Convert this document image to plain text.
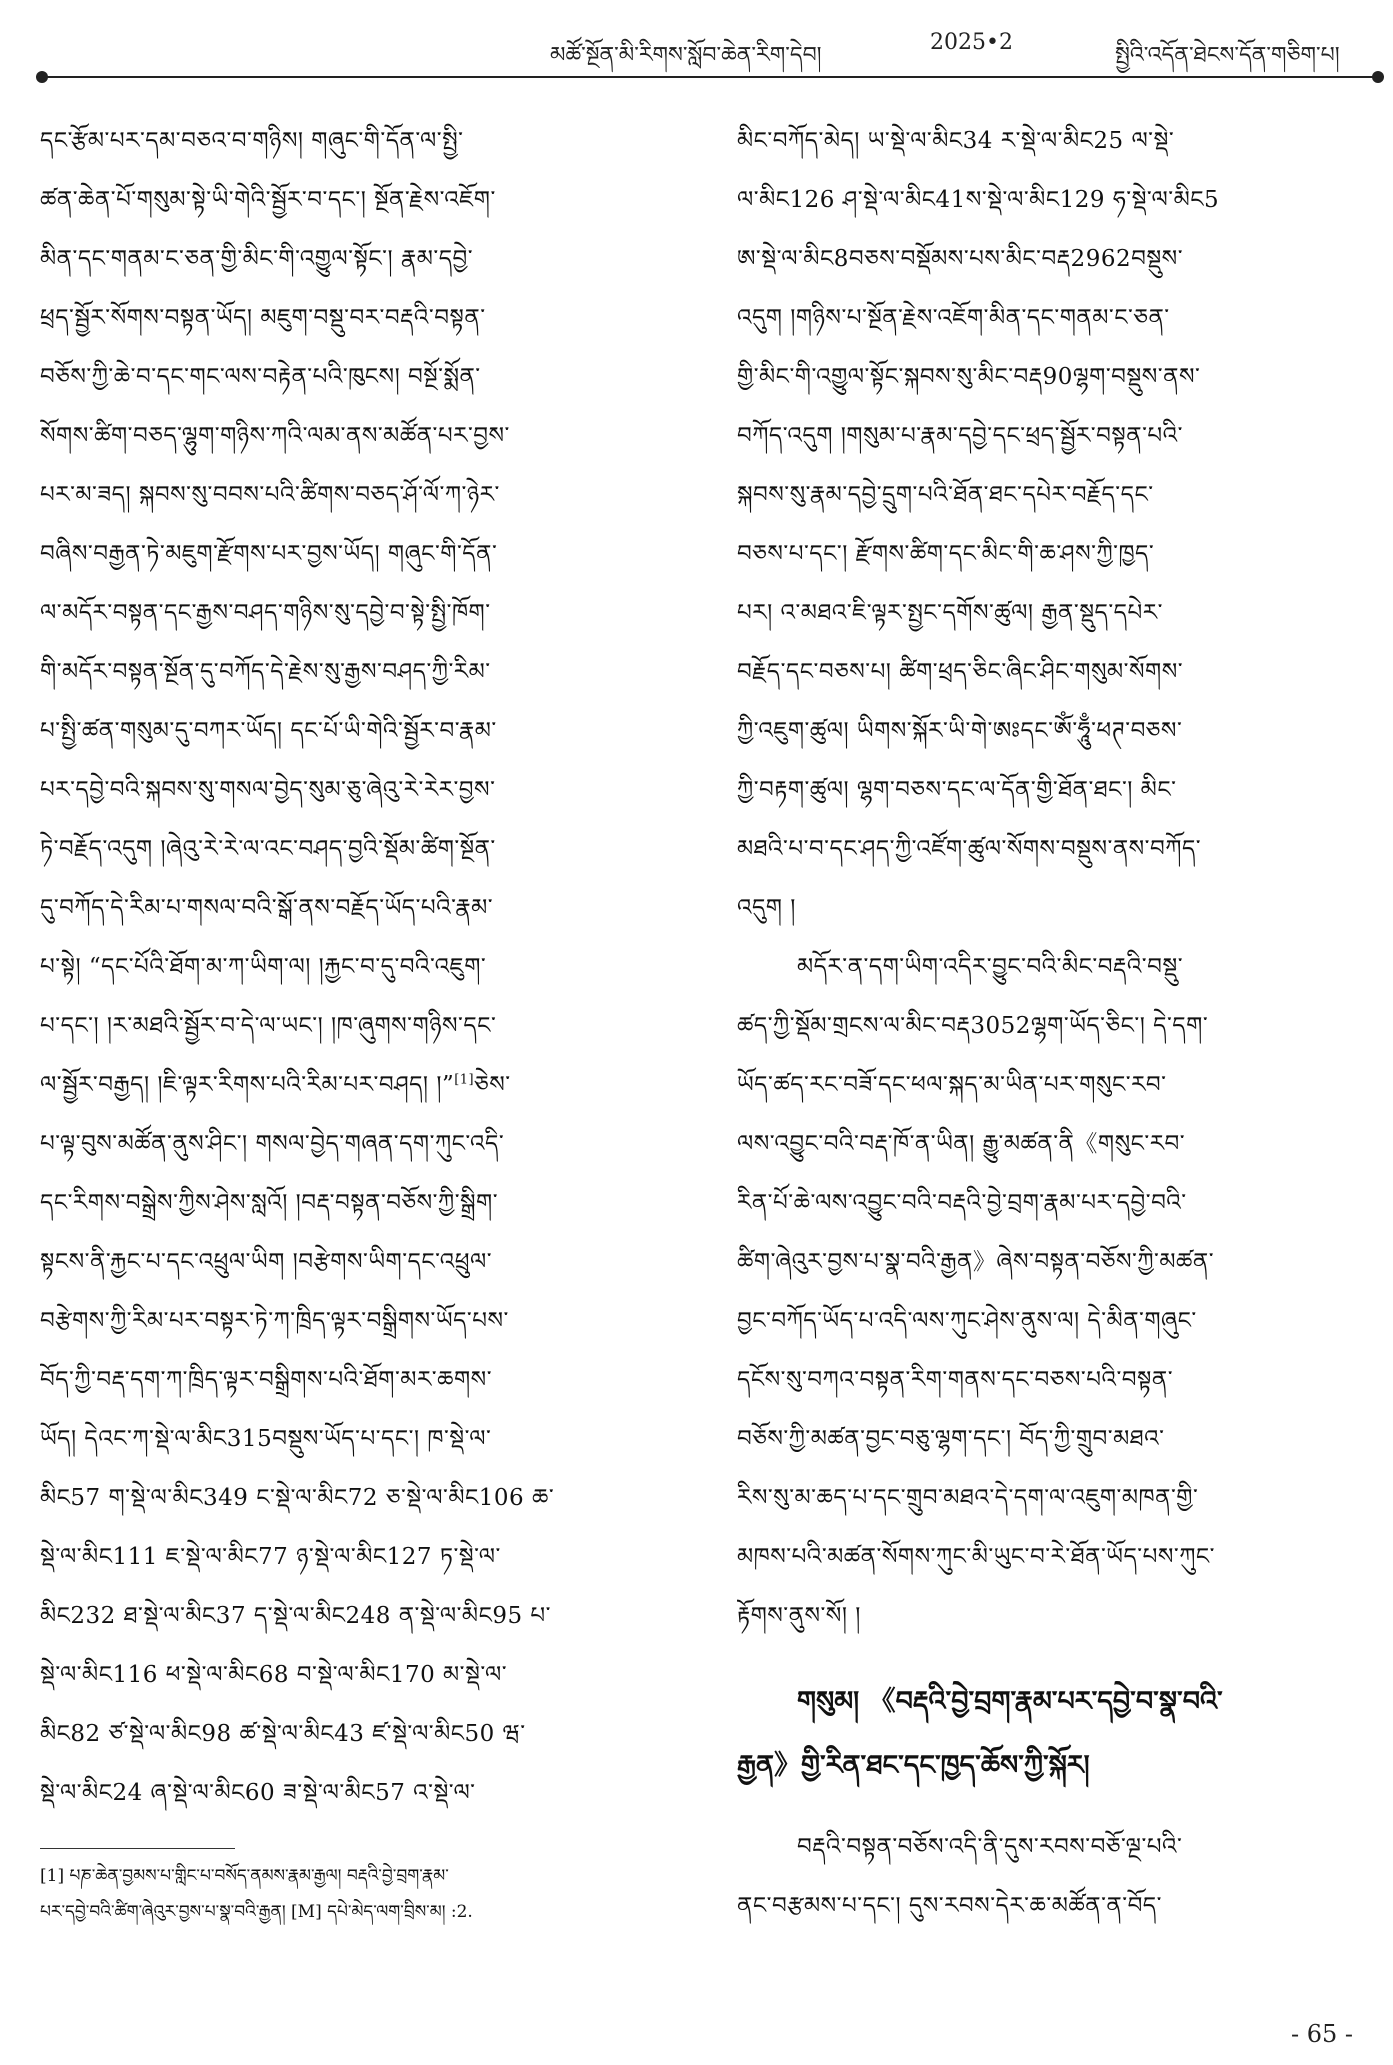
མཚོ་སྔོན་མི་རིགས་སློབ་ཆེན་རིག་དེབ།
2025•2
སྤྱིའི་འདོན་ཐེངས་དོན་གཅིག་པ།
དང་རྩོམ་པར་དམ་བཅའ་བ་གཉིས། གཞུང་གི་དོན་ལ་སྤྱི་
ཚན་ཆེན་པོ་གསུམ་སྟེ་ཡི་གེའི་སྦྱོར་བ་དང་། སྔོན་རྗེས་འཇོག་
མིན་དང་གནམ་ང་ཅན་གྱི་མིང་གི་འགྱུལ་སྟོང་། རྣམ་དབྱེ་
ཕྲད་སྦྱོར་སོགས་བསྟན་ཡོད། མཇུག་བསྡུ་བར་བརྡའི་བསྟན་
བཅོས་ཀྱི་ཆེ་བ་དང་གང་ལས་བརྟེན་པའི་ཁུངས། བསྔོ་སྨོན་
སོགས་ཚིག་བཅད་ལྷུག་གཉིས་ཀའི་ལམ་ནས་མཚོན་པར་བྱས་
པར་མ་ཟད། སྐབས་སུ་བབས་པའི་ཚིགས་བཅད་ཤོ་ལོ་ཀ་ཉེར་
བཞིས་བརྒྱན་ཏེ་མཇུག་རྫོགས་པར་བྱས་ཡོད། གཞུང་གི་དོན་
ལ་མདོར་བསྟན་དང་རྒྱས་བཤད་གཉིས་སུ་དབྱེ་བ་སྟེ་སྤྱི་ཁོག་
གི་མདོར་བསྟན་སྔོན་དུ་བཀོད་དེ་རྗེས་སུ་རྒྱས་བཤད་ཀྱི་རིམ་
པ་སྤྱི་ཚན་གསུམ་དུ་བཀར་ཡོད། དང་པོ་ཡི་གེའི་སྦྱོར་བ་རྣམ་
པར་དབྱེ་བའི་སྐབས་སུ་གསལ་བྱེད་སུམ་ཅུ་ཞེའུ་རེ་རེར་བྱས་
ཏེ་བརྗོད་འདུག །ཞེའུ་རེ་རེ་ལ་འང་བཤད་བྱའི་སྡོམ་ཚིག་སྔོན་
དུ་བཀོད་དེ་རིམ་པ་གསལ་བའི་སྒོ་ནས་བརྗོད་ཡོད་པའི་རྣམ་
པ་སྟེ། “དང་པོའི་ཐོག་མ་ཀ་ཡིག་ལ། །རྐྱང་བ་དུ་བའི་འཇུག་
པ་དང་། །ར་མཐའི་སྦྱོར་བ་དེ་ལ་ཡང་། །ཁ་ཞུགས་གཉིས་དང་
ལ་སྦྱོར་བརྒྱད། །ཇི་ལྟར་རིགས་པའི་རིམ་པར་བཤད། །”[1]ཅེས་
པ་ལྟ་བུས་མཚོན་ནུས་ཤིང་། གསལ་བྱེད་གཞན་དག་ཀུང་འདི་
དང་རིགས་བསྒྲེས་ཀྱིས་ཤེས་སླའོ། །བརྡ་བསྟན་བཅོས་ཀྱི་སྒྲིག་
སྟངས་ནི་རྐྱང་པ་དང་འཕྲུལ་ཡིག །བརྩེགས་ཡིག་དང་འཕྲུལ་
བརྩེགས་ཀྱི་རིམ་པར་བསྟར་ཏེ་ཀ་ཁྲིད་ལྟར་བསྒྲིགས་ཡོད་པས་
བོད་ཀྱི་བརྡ་དག་ཀ་ཁྲིད་ལྟར་བསྒྲིགས་པའི་ཐོག་མར་ཆགས་
ཡོད། དེའང་ཀ་སྡེ་ལ་མིང315བསྡུས་ཡོད་པ་དང་། ཁ་སྡེ་ལ་
མིང57 ག་སྡེ་ལ་མིང349 ང་སྡེ་ལ་མིང72 ཅ་སྡེ་ལ་མིང106 ཆ་
སྡེ་ལ་མིང111 ཇ་སྡེ་ལ་མིང77 ཉ་སྡེ་ལ་མིང127 ཏ་སྡེ་ལ་
མིང232 ཐ་སྡེ་ལ་མིང37 ད་སྡེ་ལ་མིང248 ན་སྡེ་ལ་མིང95 པ་
སྡེ་ལ་མིང116 ཕ་སྡེ་ལ་མིང68 བ་སྡེ་ལ་མིང170 མ་སྡེ་ལ་
མིང82 ཙ་སྡེ་ལ་མིང98 ཚ་སྡེ་ལ་མིང43 ཛ་སྡེ་ལ་མིང50 ཝ་
སྡེ་ལ་མིང24 ཞ་སྡེ་ལ་མིང60 ཟ་སྡེ་ལ་མིང57 འ་སྡེ་ལ་
མིང་བཀོད་མེད། ཡ་སྡེ་ལ་མིང34 ར་སྡེ་ལ་མིང25 ལ་སྡེ་
ལ་མིང126 ཤ་སྡེ་ལ་མིང41ས་སྡེ་ལ་མིང129 ཧ་སྡེ་ལ་མིང5
ཨ་སྡེ་ལ་མིང8བཅས་བསྡོམས་པས་མིང་བརྡ2962བསྡུས་
འདུག །གཉིས་པ་སྔོན་རྗེས་འཇོག་མིན་དང་གནམ་ང་ཅན་
གྱི་མིང་གི་འགྱུལ་སྟོང་སྐབས་སུ་མིང་བརྡ90ལྷག་བསྡུས་ནས་
བཀོད་འདུག །གསུམ་པ་རྣམ་དབྱེ་དང་ཕྲད་སྦྱོར་བསྟན་པའི་
སྐབས་སུ་རྣམ་དབྱེ་དྲུག་པའི་ཐོན་ཐང་དཔེར་བརྗོད་དང་
བཅས་པ་དང་། རྫོགས་ཚིག་དང་མིང་གི་ཆ་ཤས་ཀྱི་ཁྱད་
པར། འ་མཐའ་ཇི་ལྟར་སྤྱང་དགོས་ཚུལ། རྒྱན་སྡུད་དཔེར་
བརྗོད་དང་བཅས་པ། ཚིག་ཕྲད་ཅིང་ཞིང་ཤིང་གསུམ་སོགས་
ཀྱི་འཇུག་ཚུལ། ཡིགས་སྐོར་ཡི་གེ་ཨཿདང་ཨོཾ་ཧཱུྃ་ཕཊ་བཅས་
ཀྱི་བརྟག་ཚུལ། ལྷག་བཅས་དང་ལ་དོན་གྱི་ཐོན་ཐང་། མིང་
མཐའི་པ་བ་དང་ཤད་ཀྱི་འཛོག་ཚུལ་སོགས་བསྡུས་ནས་བཀོད་
འདུག །
མདོར་ན་དག་ཡིག་འདིར་བྱུང་བའི་མིང་བརྡའི་བསྡུ་
ཚད་ཀྱི་སྡོམ་གྲངས་ལ་མིང་བརྡ3052ལྷག་ཡོད་ཅིང་། དེ་དག་
ཡོད་ཚད་རང་བཟོ་དང་ཕལ་སྐད་མ་ཡིན་པར་གསུང་རབ་
ལས་འབྱུང་བའི་བརྡ་ཁོ་ན་ཡིན། རྒྱུ་མཚན་ནི《གསུང་རབ་
རིན་པོ་ཆེ་ལས་འབྱུང་བའི་བརྡའི་བྱེ་བྲག་རྣམ་པར་དབྱེ་བའི་
ཚིག་ཞེའུར་བྱས་པ་སྣ་བའི་རྒྱན》ཞེས་བསྟན་བཅོས་ཀྱི་མཚན་
བྱང་བཀོད་ཡོད་པ་འདི་ལས་ཀུང་ཤེས་ནུས་ལ། དེ་མིན་གཞུང་
དངོས་སུ་བཀའ་བསྟན་རིག་གནས་དང་བཅས་པའི་བསྟན་
བཅོས་ཀྱི་མཚན་བྱང་བཅུ་ལྷག་དང་། བོད་ཀྱི་གྲུབ་མཐའ་
རིས་སུ་མ་ཆད་པ་དང་གྲུབ་མཐའ་དེ་དག་ལ་འཇུག་མཁན་གྱི་
མཁས་པའི་མཚན་སོགས་ཀུང་མི་ཡུང་བ་རེ་ཐོན་ཡོད་པས་ཀུང་
རྟོགས་ནུས་སོ། །
གསུམ། 《བརྡའི་བྱེ་བྲག་རྣམ་པར་དབྱེ་བ་སྣ་བའི་
རྒྱན》གྱི་རིན་ཐང་དང་ཁྱད་ཆོས་ཀྱི་སྐོར།
བརྡའི་བསྟན་བཅོས་འདི་ནི་དུས་རབས་བཅོ་ལྔ་པའི་
ནང་བརྩམས་པ་དང་། དུས་རབས་དེར་ཆ་མཚོན་ན་བོད་
[1] པཎ་ཆེན་བྱམས་པ་གླིང་པ་བསོད་ནམས་རྣམ་རྒྱལ། བརྡའི་བྱེ་བྲག་རྣམ་
པར་དབྱེ་བའི་ཚིག་ཞེའུར་བྱས་པ་སྣ་བའི་རྒྱན། [M] དཔེ་མེད་ལག་བྲིས་མ། :2.
- 65 -
